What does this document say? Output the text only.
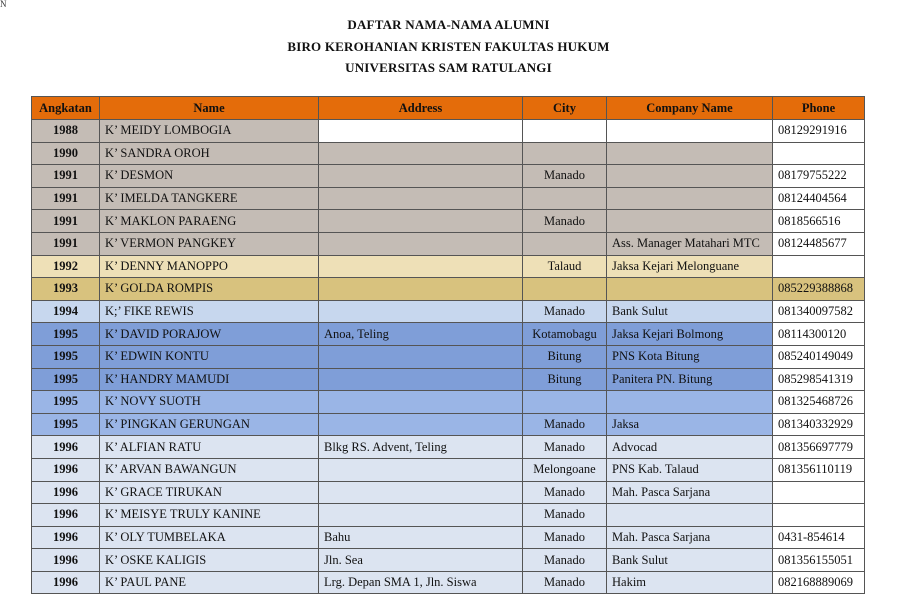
N
DAFTAR NAMA-NAMA ALUMNI
BIRO KEROHANIAN KRISTEN FAKULTAS HUKUM
UNIVERSITAS SAM RATULANGI
Angkatan	Name	Address	City	Company Name	Phone
1988	K’ MEIDY LOMBOGIA				08129291916
1990	K’ SANDRA OROH				
1991	K’ DESMON		Manado		08179755222
1991	K’ IMELDA TANGKERE				08124404564
1991	K’ MAKLON PARAENG		Manado		0818566516
1991	K’ VERMON PANGKEY			Ass. Manager Matahari MTC	08124485677
1992	K’ DENNY MANOPPO		Talaud	Jaksa Kejari Melonguane	
1993	K’ GOLDA ROMPIS				085229388868
1994	K;’ FIKE REWIS		Manado	Bank Sulut	081340097582
1995	K’ DAVID PORAJOW	Anoa, Teling	Kotamobagu	Jaksa Kejari Bolmong	08114300120
1995	K’ EDWIN KONTU		Bitung	PNS Kota Bitung	085240149049
1995	K’ HANDRY MAMUDI		Bitung	Panitera PN. Bitung	085298541319
1995	K’ NOVY SUOTH				081325468726
1995	K’ PINGKAN GERUNGAN		Manado	Jaksa	081340332929
1996	K’ ALFIAN RATU	Blkg RS. Advent, Teling	Manado	Advocad	081356697779
1996	K’ ARVAN BAWANGUN		Melongoane	PNS Kab. Talaud	081356110119
1996	K’ GRACE TIRUKAN		Manado	Mah. Pasca Sarjana	
1996	K’ MEISYE TRULY KANINE		Manado		
1996	K’ OLY TUMBELAKA	Bahu	Manado	Mah. Pasca Sarjana	0431-854614
1996	K’ OSKE KALIGIS	Jln. Sea	Manado	Bank Sulut	081356155051
1996	K’ PAUL PANE	Lrg. Depan SMA 1, Jln. Siswa	Manado	Hakim	082168889069
